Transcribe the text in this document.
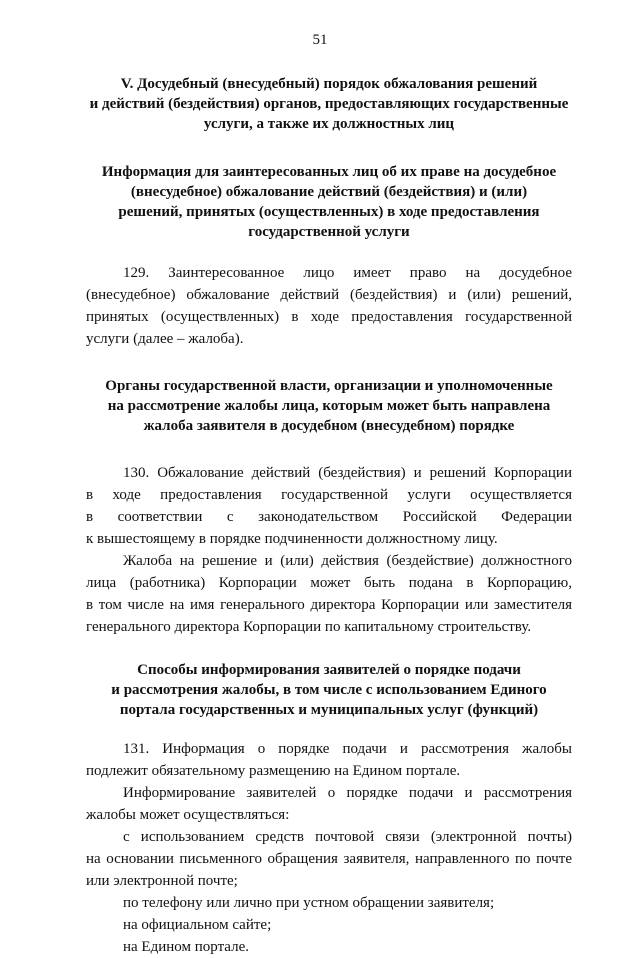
51
V. Досудебный (внесудебный) порядок обжалования решений
и действий (бездействия) органов, предоставляющих государственные
услуги, а также их должностных лиц
Информация для заинтересованных лиц об их праве на досудебное
(внесудебное) обжалование действий (бездействия) и (или)
решений, принятых (осуществленных) в ходе предоставления
государственной услуги
129. Заинтересованное лицо имеет право на досудебное
(внесудебное) обжалование действий (бездействия) и (или) решений,
принятых (осуществленных) в ходе предоставления государственной
услуги (далее – жалоба).
Органы государственной власти, организации и уполномоченные
на рассмотрение жалобы лица, которым может быть направлена
жалоба заявителя в досудебном (внесудебном) порядке
130. Обжалование действий (бездействия) и решений Корпорации
в ходе предоставления государственной услуги осуществляется
в соответствии с законодательством Российской Федерации
к вышестоящему в порядке подчиненности должностному лицу.
Жалоба на решение и (или) действия (бездействие) должностного
лица (работника) Корпорации может быть подана в Корпорацию,
в том числе на имя генерального директора Корпорации или заместителя
генерального директора Корпорации по капитальному строительству.
Способы информирования заявителей о порядке подачи
и рассмотрения жалобы, в том числе с использованием Единого
портала государственных и муниципальных услуг (функций)
131. Информация о порядке подачи и рассмотрения жалобы
подлежит обязательному размещению на Едином портале.
Информирование заявителей о порядке подачи и рассмотрения
жалобы может осуществляться:
с использованием средств почтовой связи (электронной почты)
на основании письменного обращения заявителя, направленного по почте
или электронной почте;
по телефону или лично при устном обращении заявителя;
на официальном сайте;
на Едином портале.
